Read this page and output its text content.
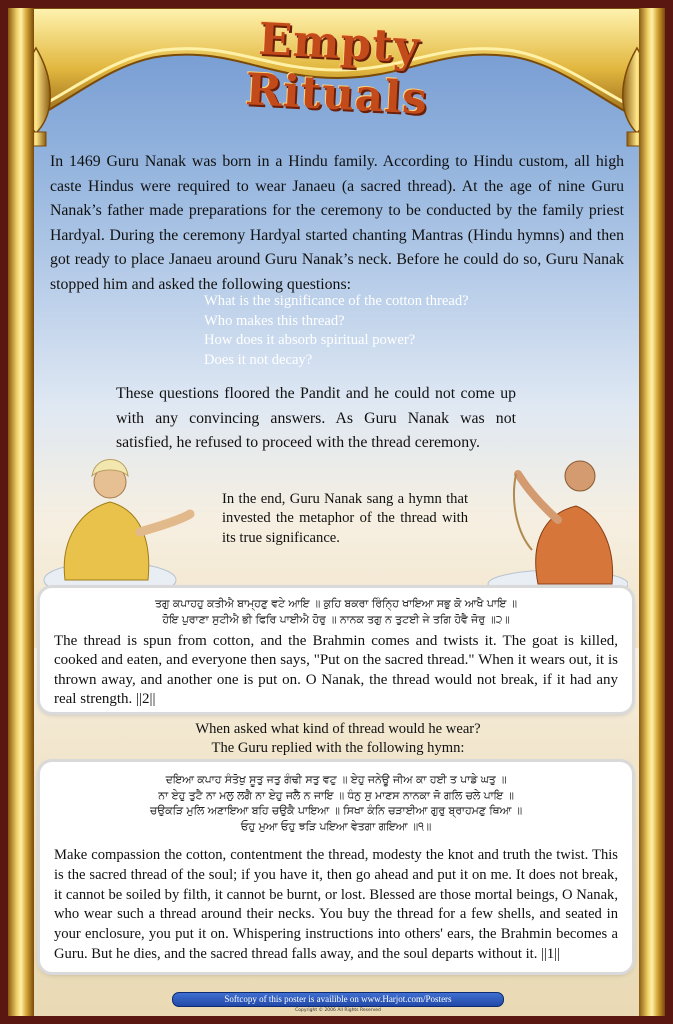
Empty Rituals
In 1469 Guru Nanak was born in a Hindu family. According to Hindu custom, all high caste Hindus were required to wear Janaeu (a sacred thread). At the age of nine Guru Nanak’s father made preparations for the ceremony to be conducted by the family priest Hardyal. During the ceremony Hardyal started chanting Mantras (Hindu hymns) and then got ready to place Janaeu around Guru Nanak’s neck. Before he could do so, Guru Nanak stopped him and asked the following questions:
What is the significance of the cotton thread?
Who makes this thread?
How does it absorb spiritual power?
Does it not decay?
These questions floored the Pandit and he could not come up with any convincing answers. As Guru Nanak was not satisfied, he refused to proceed with the thread ceremony.
In the end, Guru Nanak sang a hymn that invested the metaphor of the thread with its true significance.
ਤਗੁ ਕਪਾਹਹੁ ਕਤੀਐ ਬਾਮ੍ਹਣੁ ਵਟੇ ਆਇ ॥ ਕੁਹਿ ਬਕਰਾ ਰਿੰਨ੍ਹਿ ਖਾਇਆ ਸਭੁ ਕੋ ਆਖੈ ਪਾਇ ॥
ਹੋਇ ਪੁਰਾਣਾ ਸੁਟੀਐ ਭੀ ਫਿਰਿ ਪਾਈਐ ਹੋਰੁ ॥ ਨਾਨਕ ਤਗੁ ਨ ਤੁਟਈ ਜੇ ਤਗਿ ਹੋਵੈ ਜੋਰੁ ॥੨॥
The thread is spun from cotton, and the Brahmin comes and twists it. The goat is killed, cooked and eaten, and everyone then says, "Put on the sacred thread." When it wears out, it is thrown away, and another one is put on. O Nanak, the thread would not break, if it had any real strength. ||2||
When asked what kind of thread would he wear?
The Guru replied with the following hymn:
ਦਇਆ ਕਪਾਹ ਸੰਤੋਖੁ ਸੂਤੁ ਜਤੁ ਗੰਢੀ ਸਤੁ ਵਟੁ ॥ ਏਹੁ ਜਨੇਊ ਜੀਅ ਕਾ ਹਈ ਤ ਪਾਡੇ ਘਤੁ ॥
ਨਾ ਏਹੁ ਤੁਟੈ ਨਾ ਮਲੁ ਲਗੈ ਨਾ ਏਹੁ ਜਲੈ ਨ ਜਾਇ ॥ ਧੰਨੁ ਸੁ ਮਾਣਸ ਨਾਨਕਾ ਜੋ ਗਲਿ ਚਲੇ ਪਾਇ ॥
ਚਉਕੜਿ ਮੁਲਿ ਅਣਾਇਆ ਬਹਿ ਚਉਕੈ ਪਾਇਆ ॥ ਸਿਖਾ ਕੰਨਿ ਚੜਾਈਆ ਗੁਰੁ ਬ੍ਰਾਹਮਣੁ ਥਿਆ ॥
ਓਹੁ ਮੁਆ ਓਹੁ ਝੜਿ ਪਇਆ ਵੇਤਗਾ ਗਇਆ ॥੧॥
Make compassion the cotton, contentment the thread, modesty the knot and truth the twist. This is the sacred thread of the soul; if you have it, then go ahead and put it on me. It does not break, it cannot be soiled by filth, it cannot be burnt, or lost. Blessed are those mortal beings, O Nanak, who wear such a thread around their necks. You buy the thread for a few shells, and seated in your enclosure, you put it on. Whispering instructions into others' ears, the Brahmin becomes a Guru. But he dies, and the sacred thread falls away, and the soul departs without it. ||1||
Softcopy of this poster is availible on www.Harjot.com/Posters
Copyright © 2006 All Rights Reserved
